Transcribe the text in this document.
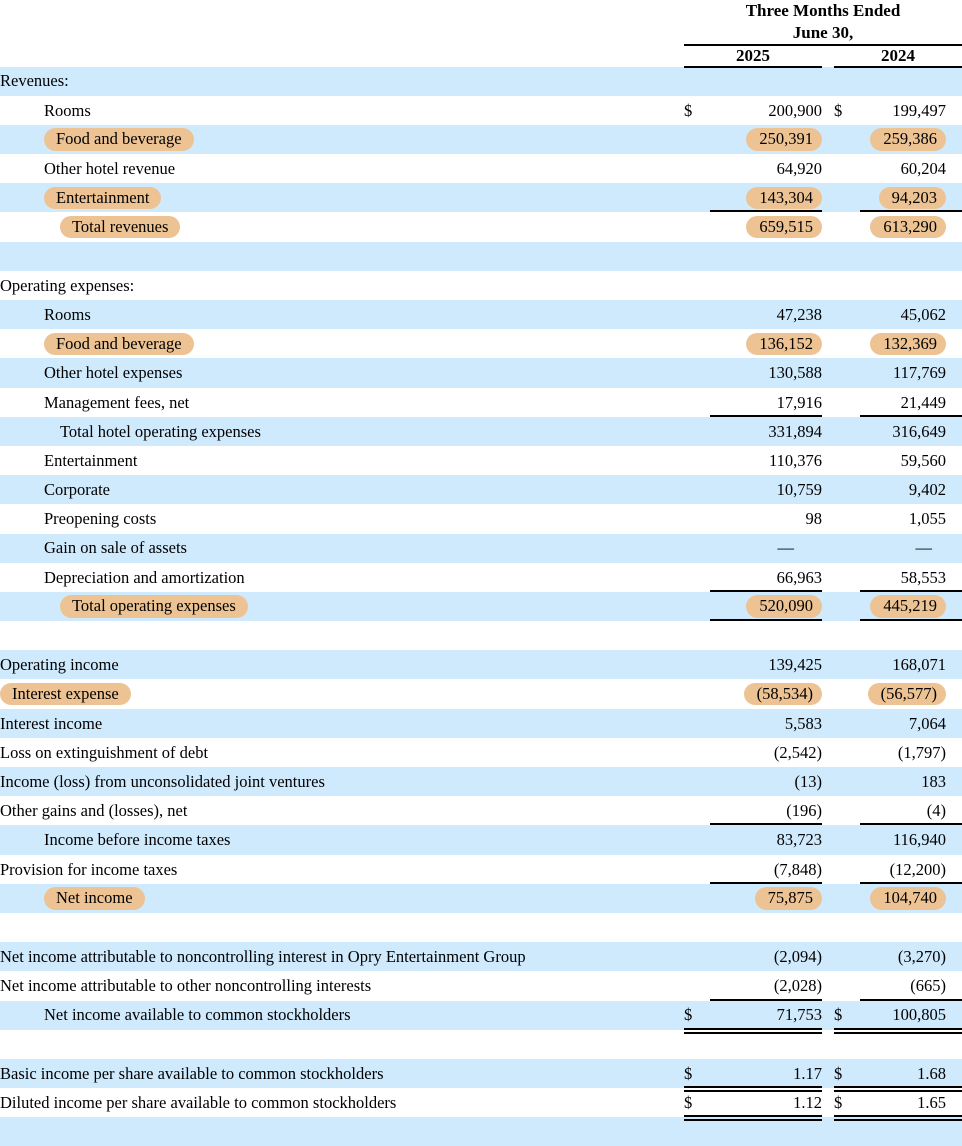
	Three Months Ended
June 30,				

	2025			2024	
Revenues:					
Rooms	$	200,900		$	199,497
Food and beverage		250,391			259,386
Other hotel revenue		64,920			60,204
Entertainment		143,304			94,203
Total revenues		659,515			613,290

Operating expenses:					
Rooms		47,238			45,062
Food and beverage		136,152			132,369
Other hotel expenses		130,588			117,769
Management fees, net		17,916			21,449
Total hotel operating expenses		331,894			316,649
Entertainment		110,376			59,560
Corporate		10,759			9,402
Preopening costs		98			1,055
Gain on sale of assets		—			—
Depreciation and amortization		66,963			58,553
Total operating expenses		520,090			445,219

Operating income		139,425			168,071
Interest expense		(58,534)			(56,577)
Interest income		5,583			7,064
Loss on extinguishment of debt		(2,542)			(1,797)
Income (loss) from unconsolidated joint ventures		(13)			183
Other gains and (losses), net		(196)			(4)
Income before income taxes		83,723			116,940
Provision for income taxes		(7,848)			(12,200)
Net income		75,875			104,740

Net income attributable to noncontrolling interest in Opry Entertainment Group		(2,094)			(3,270)
Net income attributable to other noncontrolling interests		(2,028)			(665)
Net income available to common stockholders	$	71,753		$	100,805

Basic income per share available to common stockholders	$	1.17		$	1.68
Diluted income per share available to common stockholders	$	1.12		$	1.65
